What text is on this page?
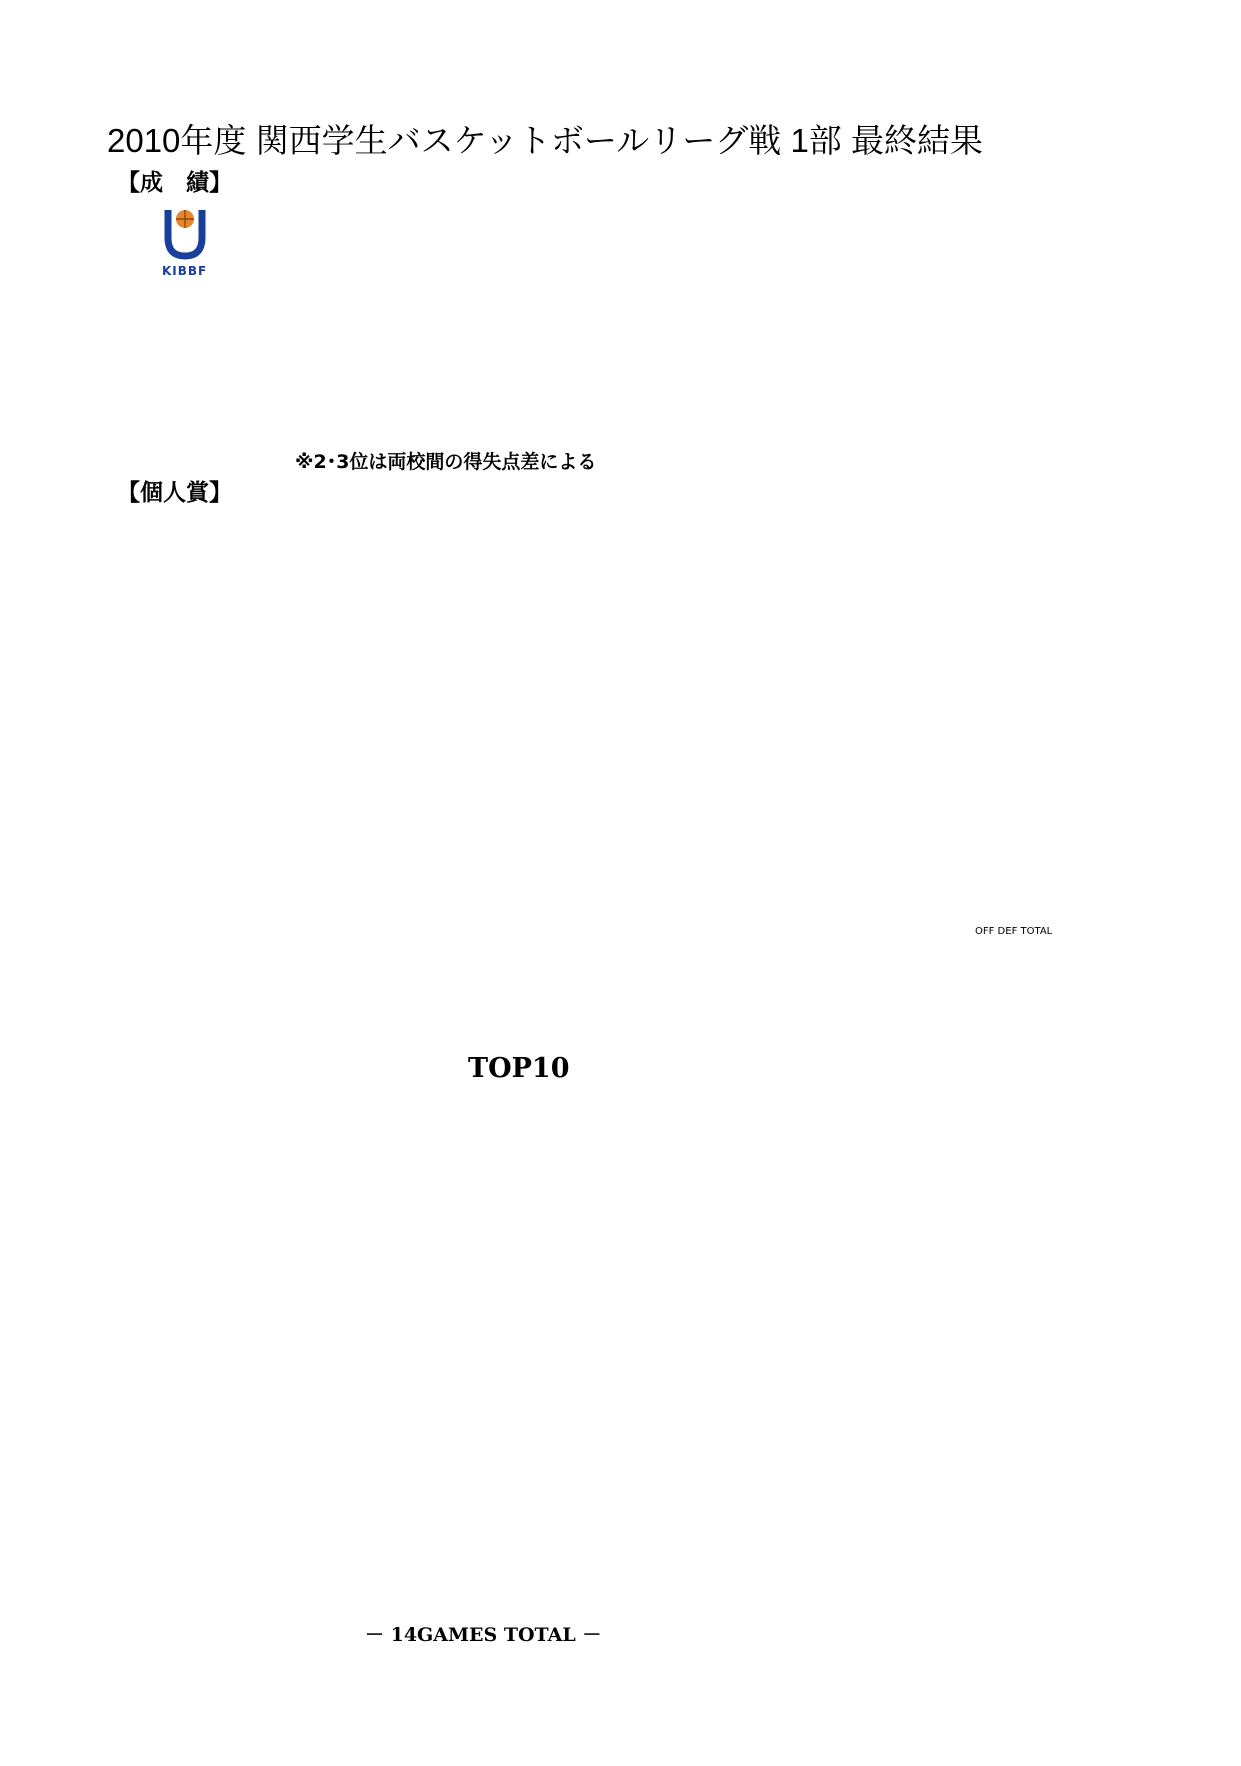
2010年度 関西学生バスケットボールリーグ戦 1部 最終結果
【成　績】
KIBBF
※2･3位は両校間の得失点差による
【個人賞】
OFF DEF TOTAL
TOP10
－ 14GAMES TOTAL －
